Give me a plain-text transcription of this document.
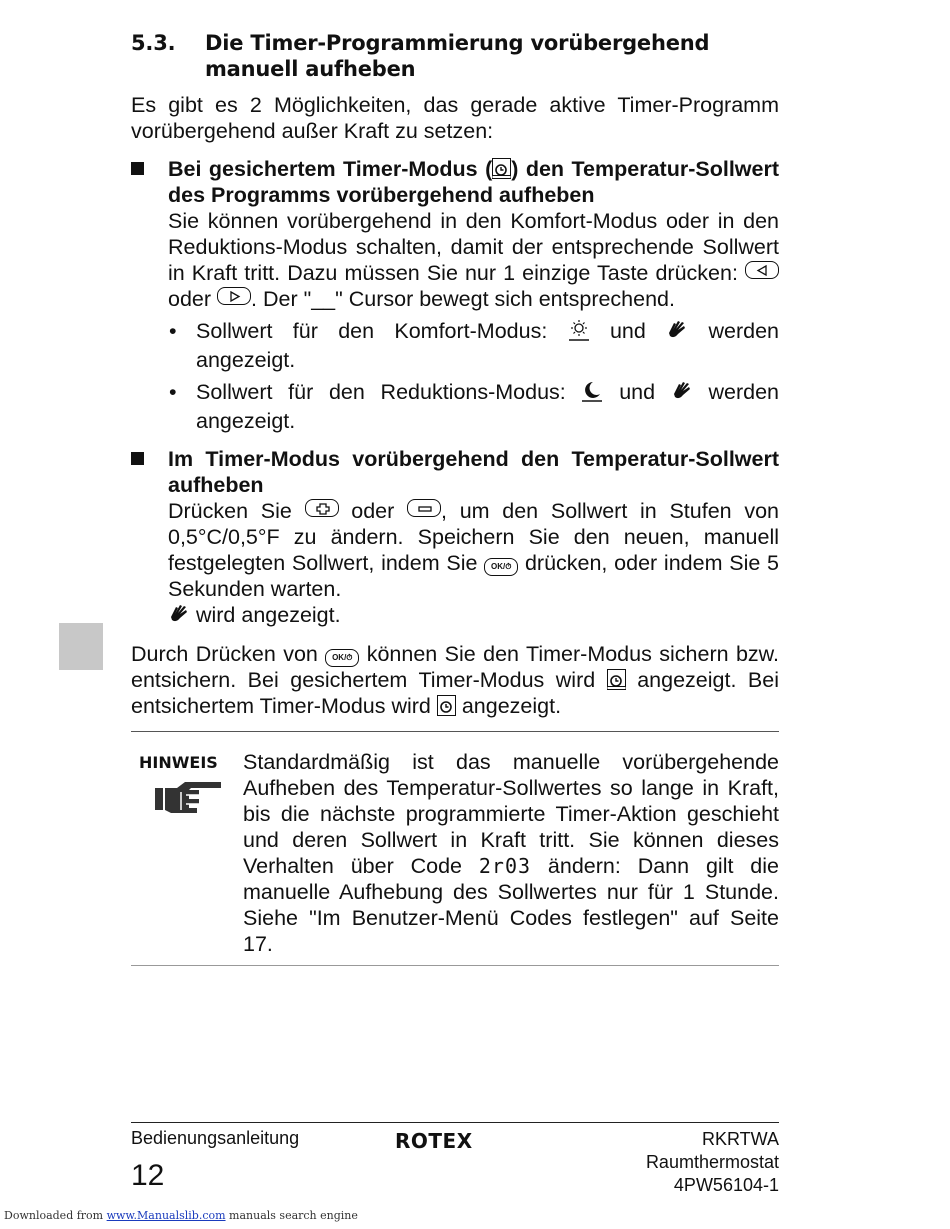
5.3.	Die Timer-Programmierung vorübergehend manuell aufheben

Es gibt es 2 Möglichkeiten, das gerade aktive Timer-Programm vorübergehend außer Kraft zu setzen:

Bei gesichertem Timer-Modus ( ) den Temperatur-Sollwert des Programms vorübergehend aufheben

Sie können vorübergehend in den Komfort-Modus oder in den Reduktions-Modus schalten, damit der entsprechende Sollwert in Kraft tritt. Dazu müssen Sie nur 1 einzige Taste drücken:
oder
. Der "__" Cursor bewegt sich entsprechend.

• Sollwert für den Komfort-Modus:  und  werden angezeigt.
• Sollwert für den Reduktions-Modus:  und  werden angezeigt.

Im Timer-Modus vorübergehend den Temperatur-Sollwert aufheben

Drücken Sie
oder
, um den Sollwert in Stufen von 0,5°C/0,5°F zu ändern. Speichern Sie den neuen, manuell festgelegten Sollwert, indem Sie OK/⏱ drücken, oder indem Sie 5 Sekunden warten.

wird angezeigt.

Durch Drücken von OK/⏱ können Sie den Timer-Modus sichern bzw. entsichern. Bei gesichertem Timer-Modus wird  angezeigt. Bei entsichertem Timer-Modus wird  angezeigt.

HINWEIS	Standardmäßig ist das manuelle vorübergehende Aufheben des Temperatur-Sollwertes so lange in Kraft, bis die nächste programmierte Timer-Aktion geschieht und deren Sollwert in Kraft tritt. Sie können dieses Verhalten über Code 2r03 ändern: Dann gilt die manuelle Aufhebung des Sollwertes nur für 1 Stunde. Siehe "Im Benutzer-Menü Codes festlegen" auf Seite 17.

Bedienungsanleitung
12
ROTEX	RKRTWA
Raumthermostat
4PW56104-1
Downloaded from www.Manualslib.com manuals search engine
